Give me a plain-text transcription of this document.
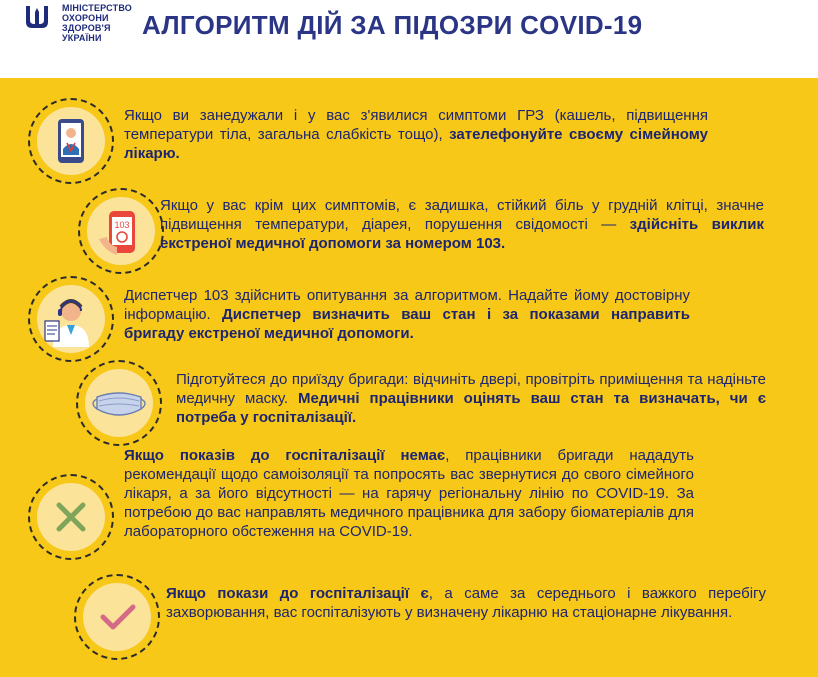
МІНІСТЕРСТВО
ОХОРОНИ
ЗДОРОВ'Я
УКРАЇНИ	АЛГОРИТМ ДІЙ ЗА ПІДОЗРИ COVID-19
Якщо ви занедужали і у вас з'явилися симптоми ГРЗ (кашель, підвищення температури тіла, загальна слабкість тощо), зателефонуйте своєму сімейному лікарю.
103
Якщо у вас крім цих симптомів, є задишка, стійкий біль у грудній клітці, значне підвищення температури, діарея, порушення свідомості — здійсніть виклик екстреної медичної допомоги за номером 103.
Диспетчер 103 здійснить опитування за алгоритмом. Надайте йому достовірну інформацію. Диспетчер визначить ваш стан і за показами направить бригаду екстреної медичної допомоги.
Підготуйтеся до приїзду бригади: відчиніть двері, провітріть приміщення та надіньте медичну маску. Медичні працівники оцінять ваш стан та визначать, чи є потреба у госпіталізації.
Якщо показів до госпіталізації немає, працівники бригади нададуть рекомендації щодо самоізоляції та попросять вас звернутися до свого сімейного лікаря, а за його відсутності — на гарячу регіональну лінію по COVID-19. За потребою до вас направлять медичного працівника для забору біоматеріалів для лабораторного обстеження на COVID-19.
Якщо покази до госпіталізації є, а саме за середнього і важкого перебігу захворювання, вас госпіталізують у визначену лікарню на стаціонарне лікування.
